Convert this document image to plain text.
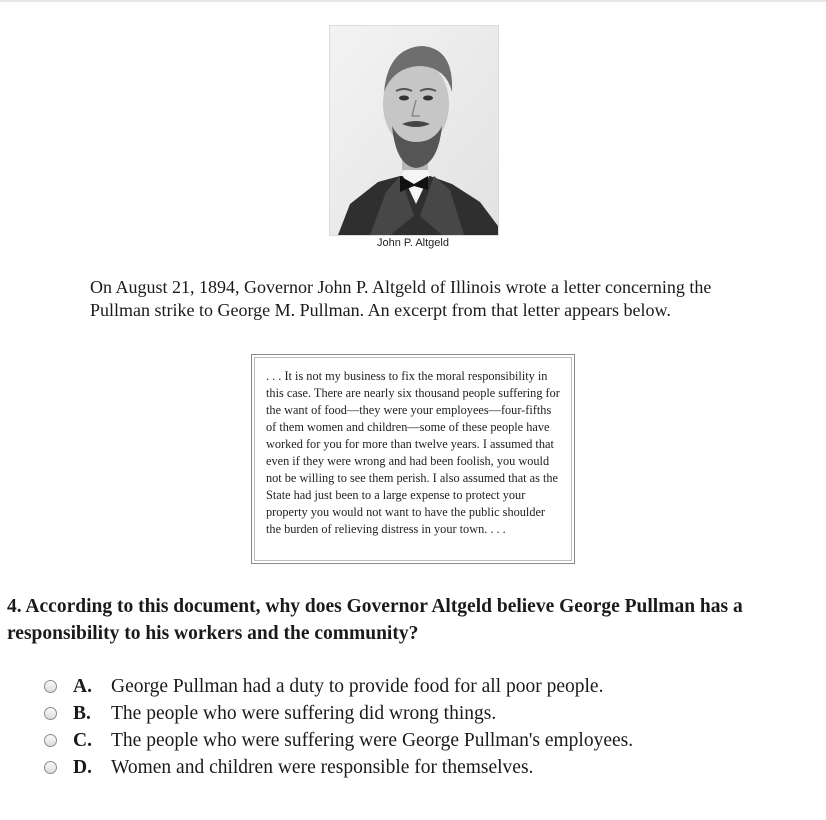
John P. Altgeld
On August 21, 1894, Governor John P. Altgeld of Illinois wrote a letter concerning the Pullman strike to George M. Pullman. An excerpt from that letter appears below.
. . . It is not my business to fix the moral responsibility in this case. There are nearly six thousand people suffering for the want of food—they were your employees—four-fifths of them women and children—some of these people have worked for you for more than twelve years. I assumed that even if they were wrong and had been foolish, you would not be willing to see them perish. I also assumed that as the State had just been to a large expense to protect your property you would not want to have the public shoulder the burden of relieving distress in your town. . . .
4. According to this document, why does Governor Altgeld believe George Pullman has a responsibility to his workers and the community?
A. George Pullman had a duty to provide food for all poor people.
B.	The people who were suffering did wrong things.
C. The people who were suffering were George Pullman's employees.
D. Women and children were responsible for themselves.
